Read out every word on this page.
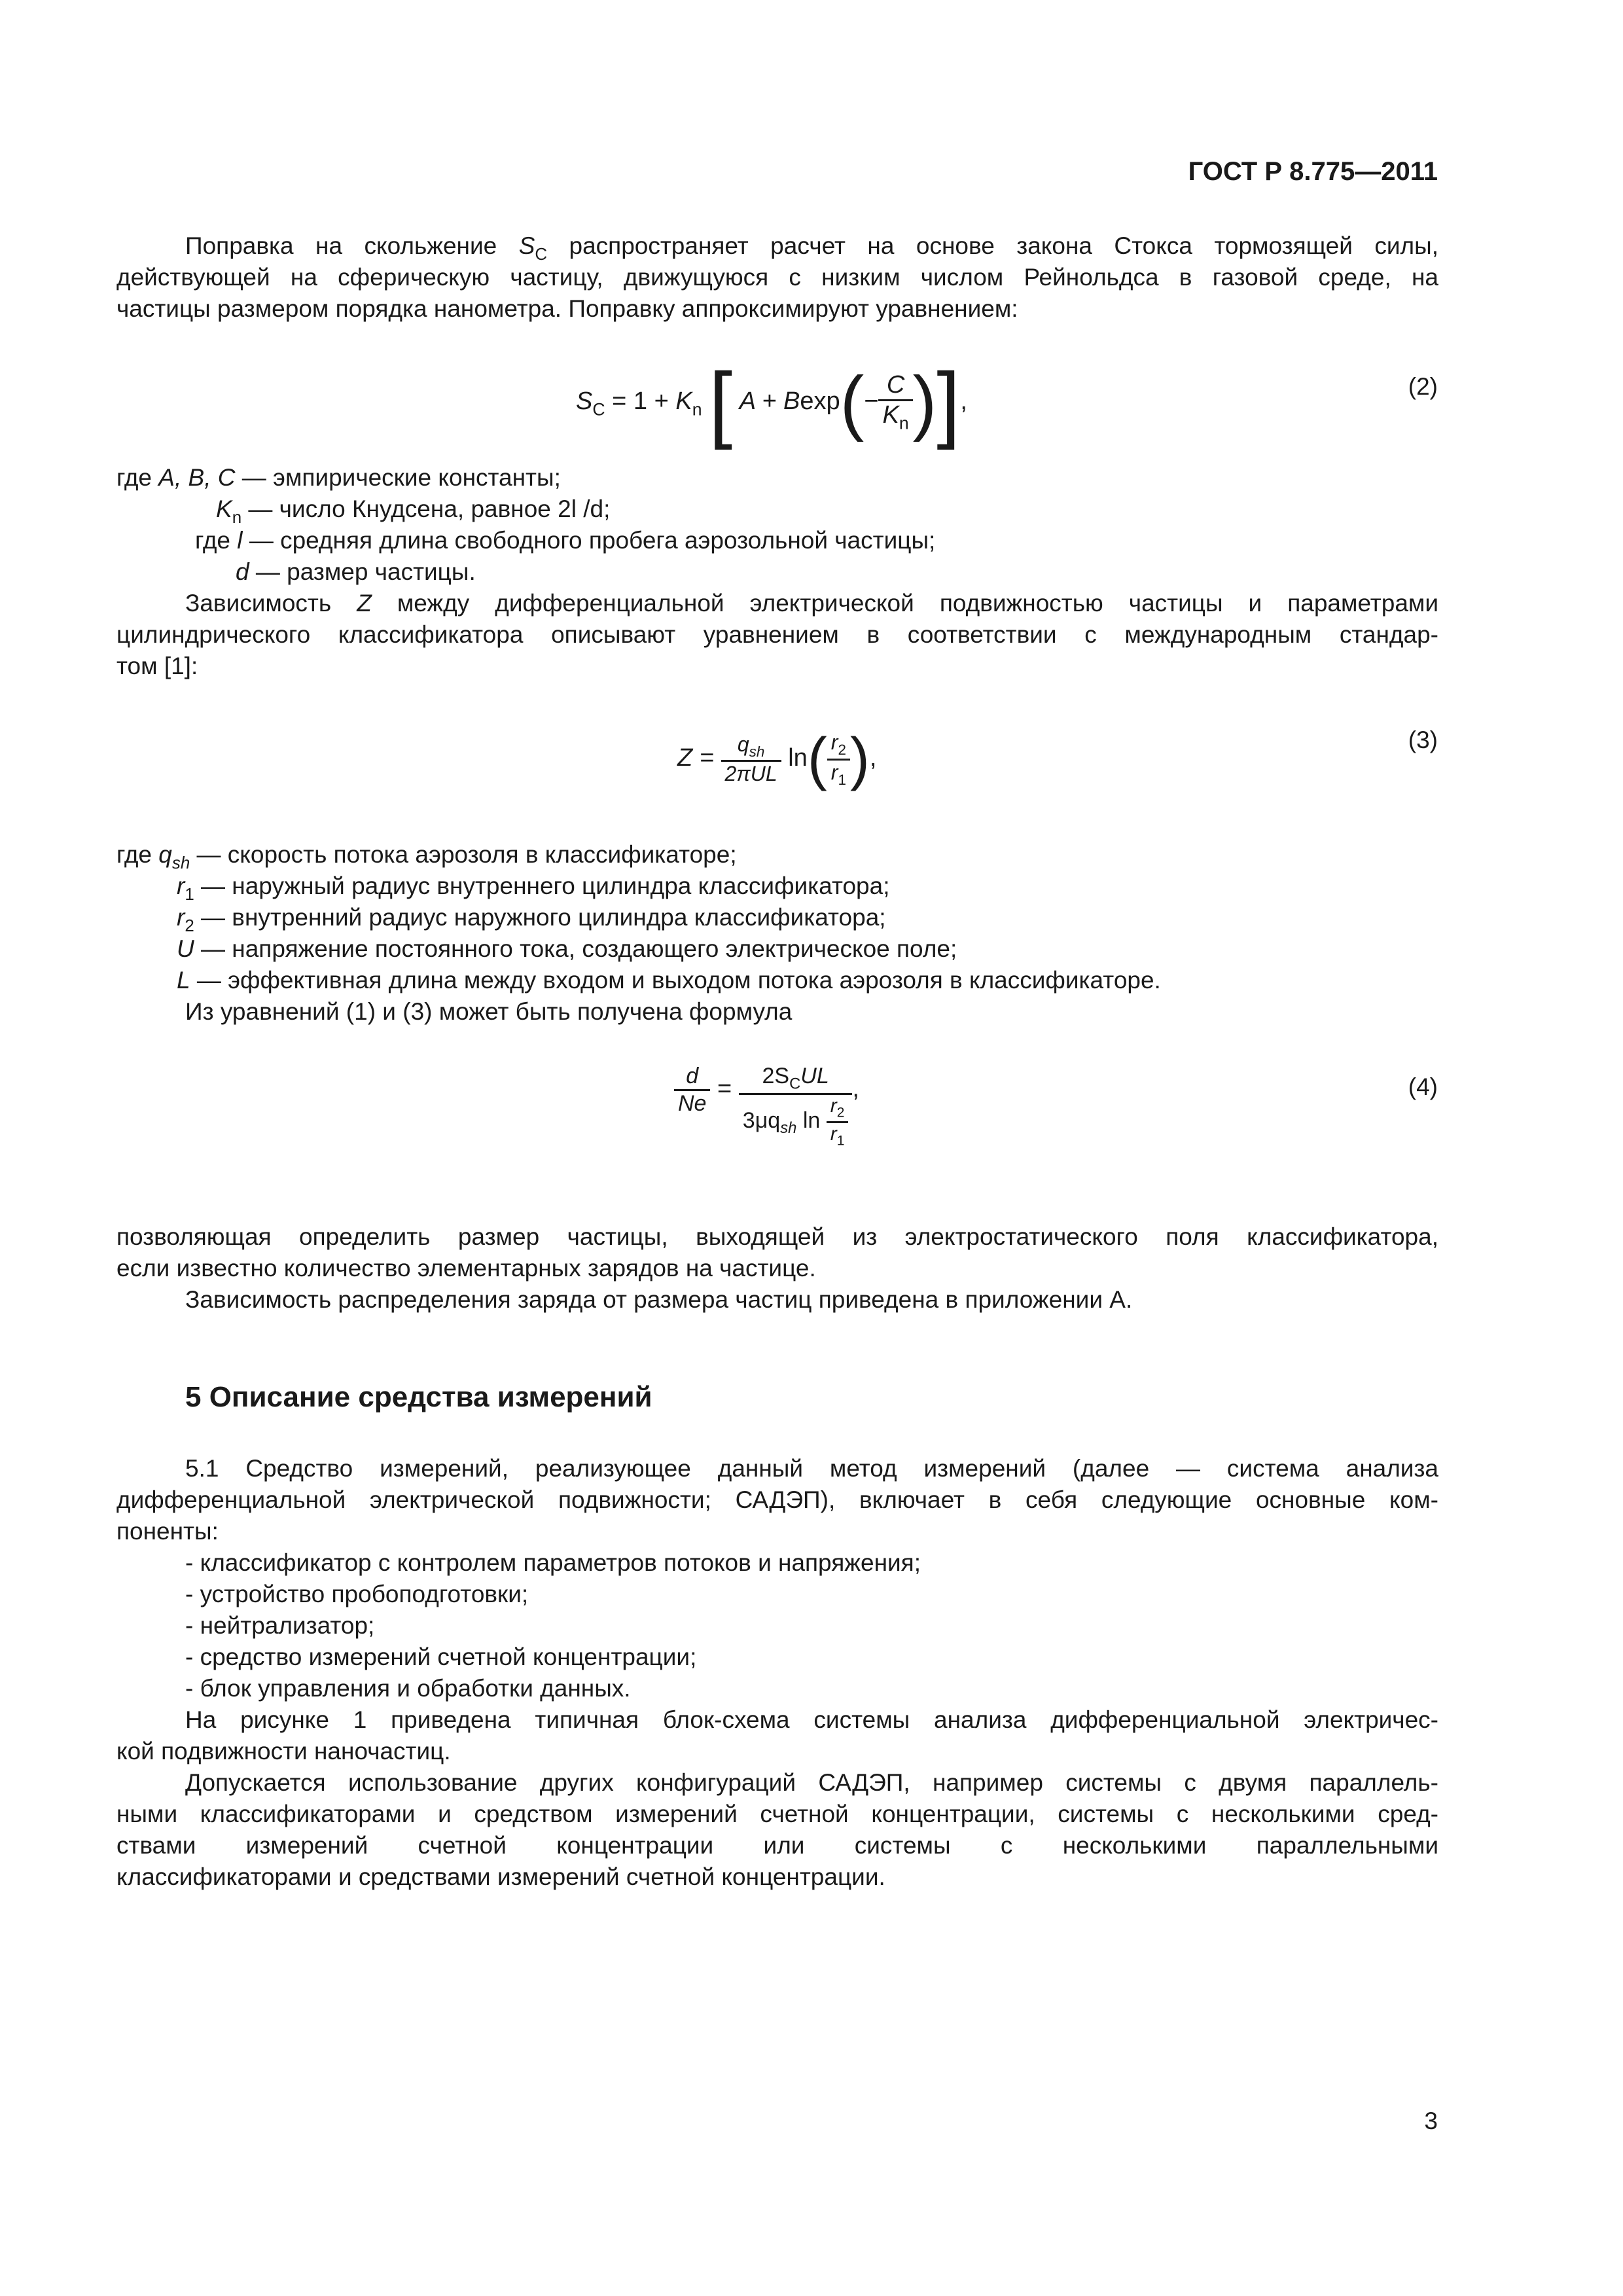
ГОСТ Р 8.775—2011
Поправка на скольжение $S_C$ распространяет расчет на основе закона Стокса тормозящей силы,
действующей на сферическую частицу, движущуюся с низким числом Рейнольдса в газовой среде, на
частицы размером порядка нанометра. Поправку аппроксимируют уравнением:
$S_C = 1 + K_n$ [ $A + Bexp(- \frac{C}{K_n}$ )],
(2)
где A, B, C — эмпирические константы;
$K_n$ — число Кнудсена, равное 2l /d;
где l — средняя длина свободного пробега аэрозольной частицы;
d — размер частицы.
Зависимость Z между дифференциальной электрической подвижностью частицы и параметрами
цилиндрического классификатора описывают уравнением в соответствии с международным стандар-
том [1]:
$Z = \frac{q_{sh}}{\text{2πUL}} \ln( \frac{r_2}{r_1}$ ),
(3)
где $q_{sh}$ — скорость потока аэрозоля в классификаторе;
$r_1$ — наружный радиус внутреннего цилиндра классификатора;
$r_2$ — внутренний радиус наружного цилиндра классификатора;
U — напряжение постоянного тока, создающего электрическое поле;
L — эффективная длина между входом и выходом потока аэрозоля в классификаторе.
Из уравнений (1) и (3) может быть получена формула
$\frac{d}{Ne} = \frac{2S_CUL}{3\mu q_{sh} \ln \frac{r_2}{r_1}}$ ,	(4)
позволяющая определить размер частицы, выходящей из электростатического поля классификатора,
если известно количество элементарных зарядов на частице.
Зависимость распределения заряда от размера частиц приведена в приложении А.
5 Описание средства измерений
5.1 Средство измерений, реализующее данный метод измерений (далее — система анализа
дифференциальной электрической подвижности; САДЭП), включает в себя следующие основные ком-
поненты:
- классификатор с контролем параметров потоков и напряжения;
- устройство пробоподготовки;
- нейтрализатор;
- средство измерений счетной концентрации;
- блок управления и обработки данных.
На рисунке 1 приведена типичная блок-схема системы анализа дифференциальной электричес-
кой подвижности наночастиц.
Допускается использование других конфигураций САДЭП, например системы с двумя параллель-
ными классификаторами и средством измерений счетной концентрации, системы с несколькими сред-
ствами измерений счетной концентрации или системы с несколькими параллельными
классификаторами и средствами измерений счетной концентрации.
3
